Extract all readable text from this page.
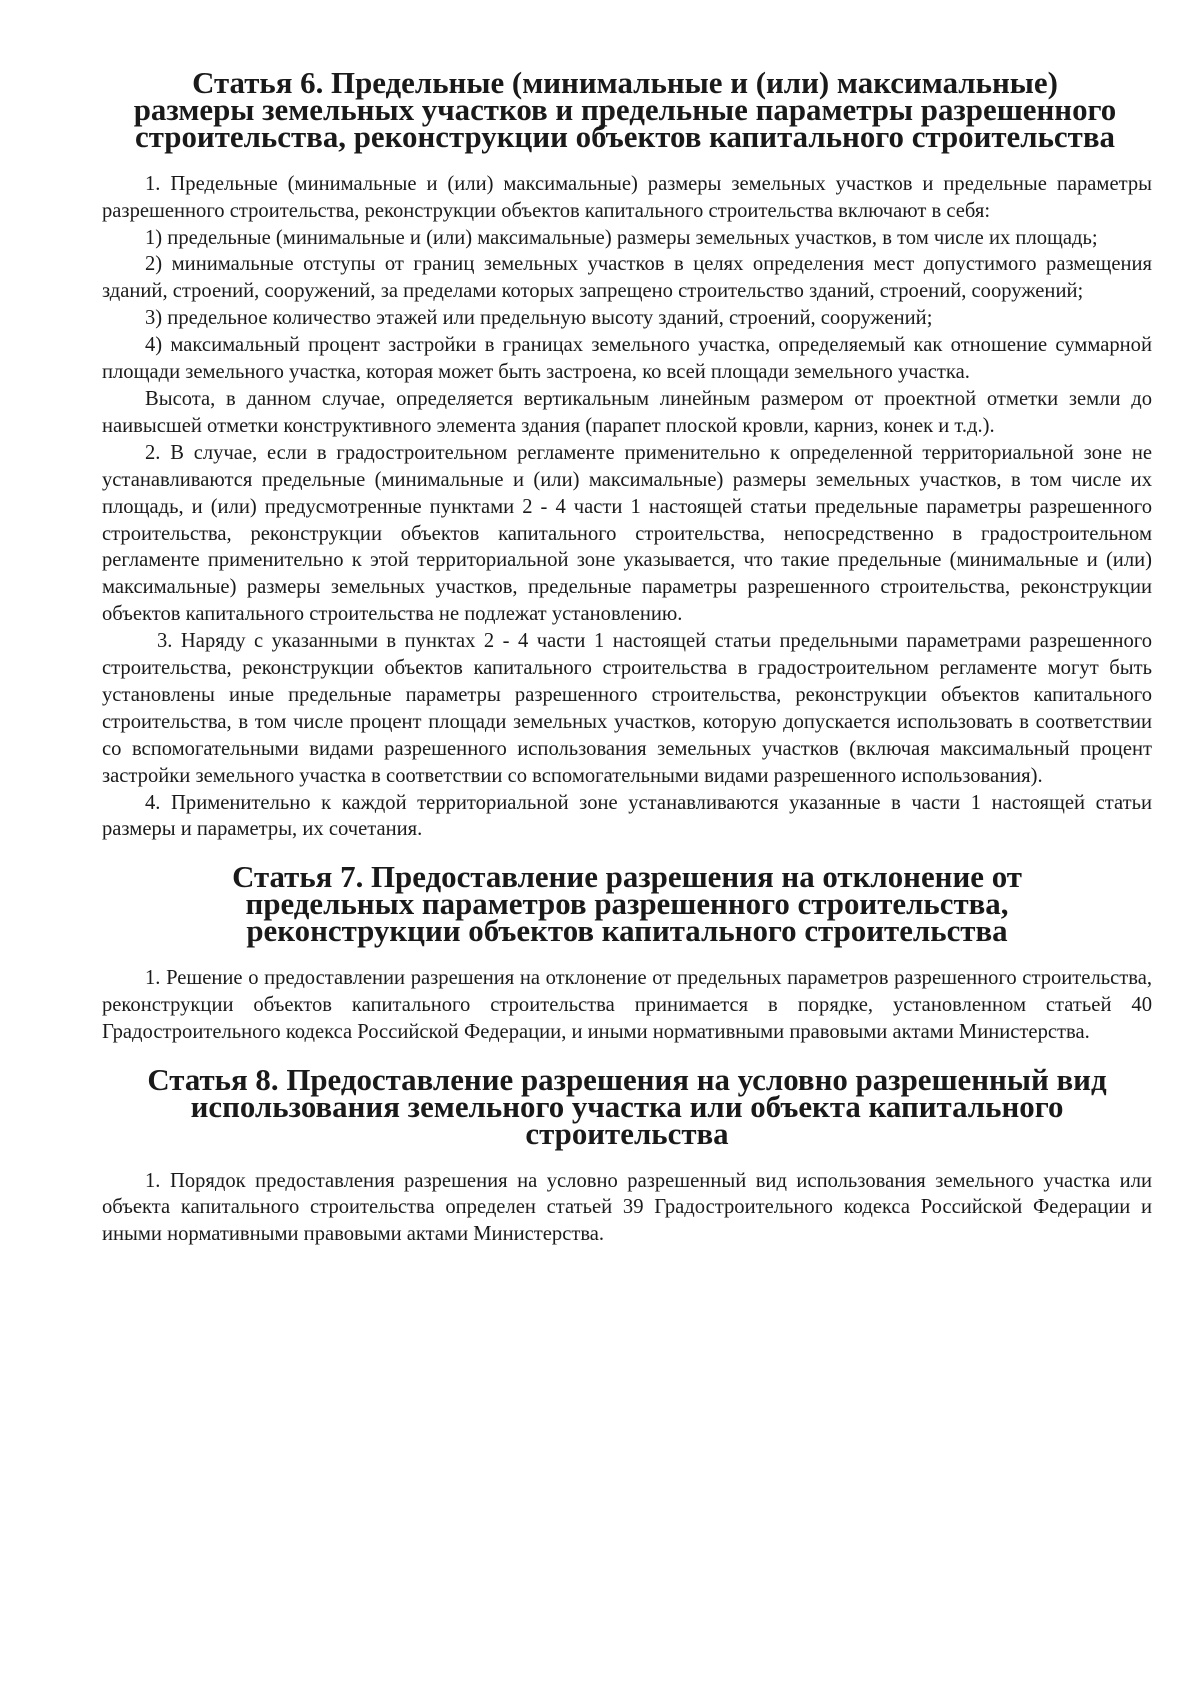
Статья 6. Предельные (минимальные и (или) максимальные) размеры земельных участков и предельные параметры разрешенного строительства, реконструкции объектов капитального строительства

1. Предельные (минимальные и (или) максимальные) размеры земельных участков и предельные параметры разрешенного строительства, реконструкции объектов капитального строительства включают в себя:

1) предельные (минимальные и (или) максимальные) размеры земельных участков, в том числе их площадь;

2) минимальные отступы от границ земельных участков в целях определения мест допустимого размещения зданий, строений, сооружений, за пределами которых запрещено строительство зданий, строений, сооружений;

3) предельное количество этажей или предельную высоту зданий, строений, сооружений;

4) максимальный процент застройки в границах земельного участка, определяемый как отношение суммарной площади земельного участка, которая может быть застроена, ко всей площади земельного участка.

Высота, в данном случае, определяется вертикальным линейным размером от проектной отметки земли до наивысшей отметки конструктивного элемента здания (парапет плоской кровли, карниз, конек и т.д.).

2. В случае, если в градостроительном регламенте применительно к определенной территориальной зоне не устанавливаются предельные (минимальные и (или) максимальные) размеры земельных участков, в том числе их площадь, и (или) предусмотренные пунктами 2 - 4 части 1 настоящей статьи предельные параметры разрешенного строительства, реконструкции объектов капитального строительства, непосредственно в градостроительном регламенте применительно к этой территориальной зоне указывается, что такие предельные (минимальные и (или) максимальные) размеры земельных участков, предельные параметры разрешенного строительства, реконструкции объектов капитального строительства не подлежат установлению.

3. Наряду с указанными в пунктах 2 - 4 части 1 настоящей статьи предельными параметрами разрешенного строительства, реконструкции объектов капитального строительства в градостроительном регламенте могут быть установлены иные предельные параметры разрешенного строительства, реконструкции объектов капитального строительства, в том числе процент площади земельных участков, которую допускается использовать в соответствии со вспомогательными видами разрешенного использования земельных участков (включая максимальный процент застройки земельного участка в соответствии со вспомогательными видами разрешенного использования).

4. Применительно к каждой территориальной зоне устанавливаются указанные в части 1 настоящей статьи размеры и параметры, их сочетания.

Статья 7. Предоставление разрешения на отклонение от предельных параметров разрешенного строительства, реконструкции объектов капитального строительства

1. Решение о предоставлении разрешения на отклонение от предельных параметров разрешенного строительства, реконструкции объектов капитального строительства принимается в порядке, установленном статьей 40 Градостроительного кодекса Российской Федерации, и иными нормативными правовыми актами Министерства.

Статья 8. Предоставление разрешения на условно разрешенный вид использования земельного участка или объекта капитального строительства

1. Порядок предоставления разрешения на условно разрешенный вид использования земельного участка или объекта капитального строительства определен статьей 39 Градостроительного кодекса Российской Федерации и иными нормативными правовыми актами Министерства.
